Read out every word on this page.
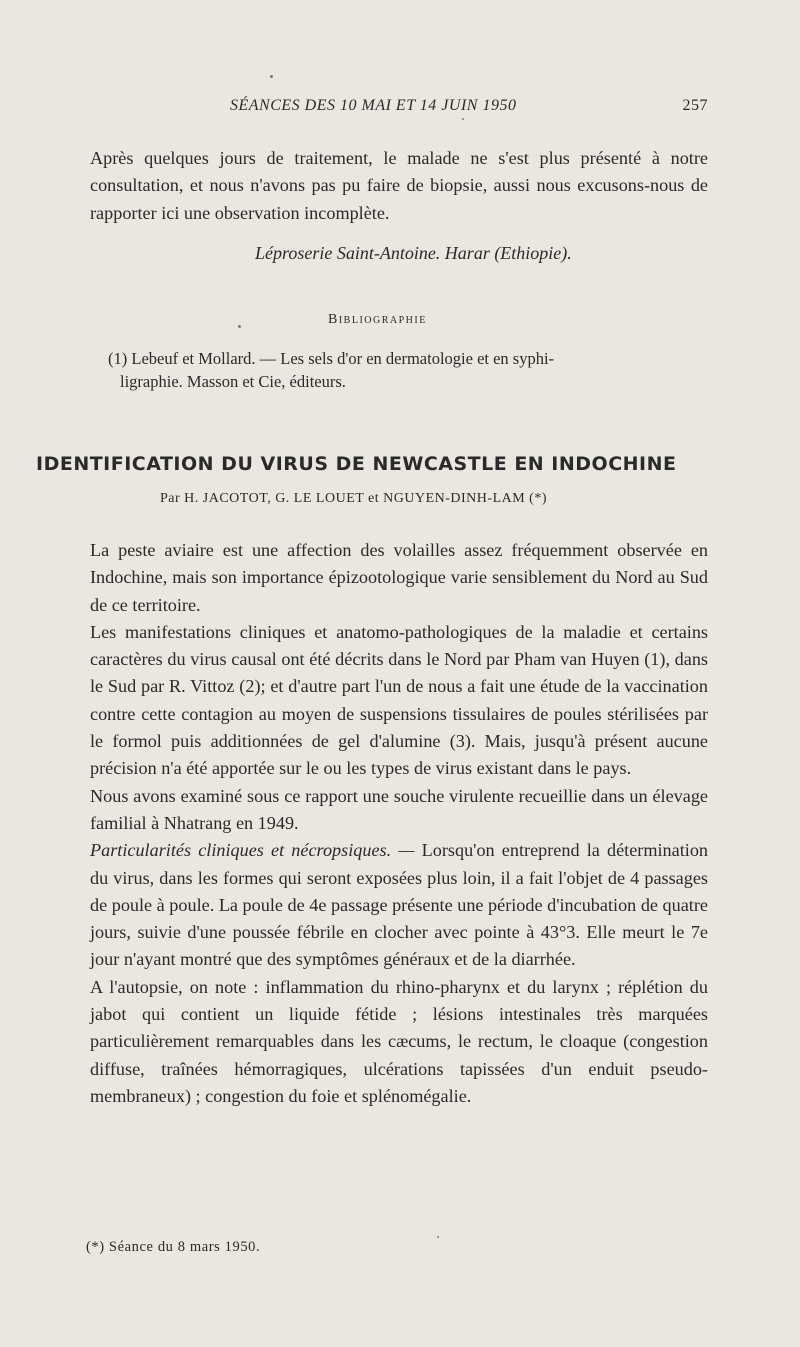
SÉANCES DES 10 MAI ET 14 JUIN 1950	257

Après quelques jours de traitement, le malade ne s'est plus présenté à notre consultation, et nous n'avons pas pu faire de biopsie, aussi nous excusons-nous de rapporter ici une observation incomplète.

Léproserie Saint-Antoine. Harar (Ethiopie).
Bibliographie
(1) Lebeuf et Mollard. — Les sels d'or en dermatologie et en syphi-
ligraphie. Masson et Cie, éditeurs.
IDENTIFICATION DU VIRUS DE NEWCASTLE EN INDOCHINE
Par H. JACOTOT, G. LE LOUET et NGUYEN-DINH-LAM (*)

La peste aviaire est une affection des volailles assez fréquemment observée en Indochine, mais son importance épizootologique varie sensiblement du Nord au Sud de ce territoire.

Les manifestations cliniques et anatomo-pathologiques de la maladie et certains caractères du virus causal ont été décrits dans le Nord par Pham van Huyen (1), dans le Sud par R. Vittoz (2); et d'autre part l'un de nous a fait une étude de la vaccination contre cette contagion au moyen de suspensions tissulaires de poules stérilisées par le formol puis additionnées de gel d'alumine (3). Mais, jusqu'à présent aucune précision n'a été apportée sur le ou les types de virus existant dans le pays.

Nous avons examiné sous ce rapport une souche virulente recueillie dans un élevage familial à Nhatrang en 1949.

Particularités cliniques et nécropsiques. — Lorsqu'on entreprend la détermination du virus, dans les formes qui seront exposées plus loin, il a fait l'objet de 4 passages de poule à poule. La poule de 4e passage présente une période d'incubation de quatre jours, suivie d'une poussée fébrile en clocher avec pointe à 43°3. Elle meurt le 7e jour n'ayant montré que des symptômes généraux et de la diarrhée.

A l'autopsie, on note : inflammation du rhino-pharynx et du larynx ; réplétion du jabot qui contient un liquide fétide ; lésions intestinales très marquées particulièrement remarquables dans les cæcums, le rectum, le cloaque (congestion diffuse, traînées hémorragiques, ulcérations tapissées d'un enduit pseudo-membraneux) ; congestion du foie et splénomégalie.

(*) Séance du 8 mars 1950.
